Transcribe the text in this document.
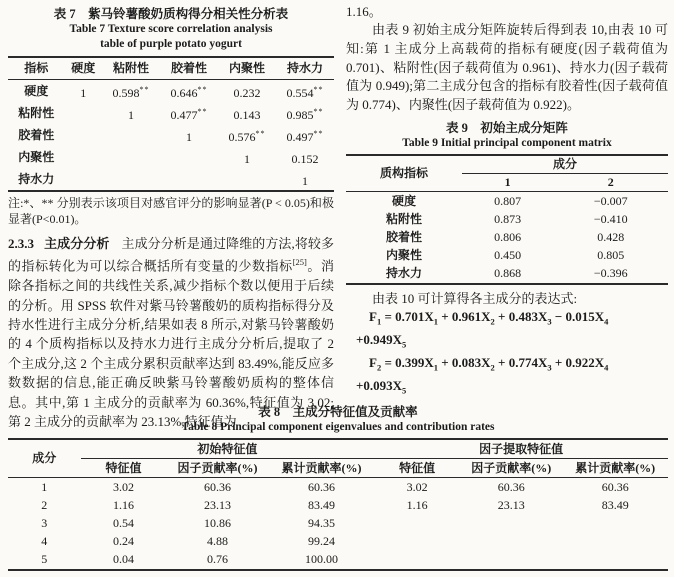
表 7　紫马铃薯酸奶质构得分相关性分析表
Table 7 Texture score correlation analysis
table of purple potato yogurt
指标	硬度	粘附性	胶着性	内聚性	持水力
硬度	1	0.598**	0.646**	0.232	0.554**
粘附性		1	0.477**	0.143	0.985**
胶着性			1	0.576**	0.497**
内聚性				1	0.152
持水力					1
注:*、** 分别表示该项目对感官评分的影响显著(P < 0.05)和极显著(P<0.01)。

2.3.3 主成分分析 主成分分析是通过降维的方法,将较多的指标转化为可以综合概括所有变量的少数指标[25]。消除各指标之间的共线性关系,减少指标个数以便用于后续的分析。用 SPSS 软件对紫马铃薯酸奶的质构指标得分及持水性进行主成分分析,结果如表 8 所示,对紫马铃薯酸奶的 4 个质构指标以及持水力进行主成分分析后,提取了 2 个主成分,这 2 个主成分累积贡献率达到 83.49%,能反应多数数据的信息,能正确反映紫马铃薯酸奶质构的整体信息。其中,第 1 主成分的贡献率为 60.36%,特征值为 3.02;第 2 主成分的贡献率为 23.13%,特征值为

1.16。

由表 9 初始主成分矩阵旋转后得到表 10,由表 10 可知:第 1 主成分上高载荷的指标有硬度(因子载荷值为 0.701)、粘附性(因子载荷值为 0.961)、持水力(因子载荷值为 0.949);第二主成分包含的指标有胶着性(因子载荷值为 0.774)、内聚性(因子载荷值为 0.922)。

表 9　初始主成分矩阵
Table 9 Initial principal component matrix
质构指标	成分	
	1	2
硬度	0.807	−0.007
粘附性	0.873	−0.410
胶着性	0.806	0.428
内聚性	0.450	0.805
持水力	0.868	−0.396
由表 10 可计算得各主成分的表达式:
$F_1 = 0.701X_1 + 0.961X_2 + 0.483X_3 - 0.015X_4$
$+0.949X_5$
$F_2 = 0.399X_1 + 0.083X_2 + 0.774X_3 + 0.922X_4$
$+0.093X_5$
表 8　主成分特征值及贡献率
Table 8 Principal component eigenvalues and contribution rates
成分	初始特征值			因子提取特征值		
	特征值	因子贡献率(%)	累计贡献率(%)	特征值	因子贡献率(%)	累计贡献率(%)
1	3.02	60.36	60.36	3.02	60.36	60.36
2	1.16	23.13	83.49	1.16	23.13	83.49
3	0.54	10.86	94.35			
4	0.24	4.88	99.24			
5	0.04	0.76	100.00			
